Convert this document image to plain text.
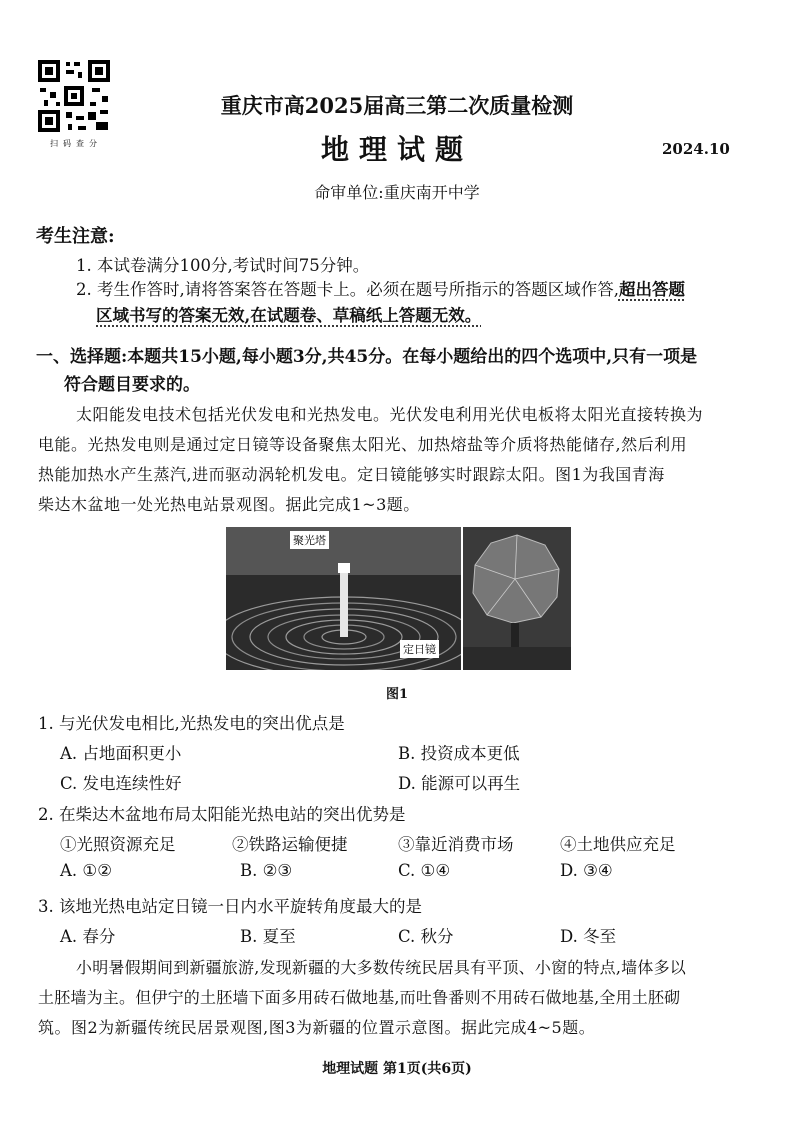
扫码查分
重庆市高2025届高三第二次质量检测
地理试题	2024.10
命审单位:重庆南开中学
考生注意:
1. 本试卷满分100分,考试时间75分钟。
2. 考生作答时,请将答案答在答题卡上。必须在题号所指示的答题区域作答,超出答题
区域书写的答案无效,在试题卷、草稿纸上答题无效。
一、选择题:本题共15小题,每小题3分,共45分。在每小题给出的四个选项中,只有一项是
符合题目要求的。
太阳能发电技术包括光伏发电和光热发电。光伏发电利用光伏电板将太阳光直接转换为
电能。光热发电则是通过定日镜等设备聚焦太阳光、加热熔盐等介质将热能储存,然后利用
热能加热水产生蒸汽,进而驱动涡轮机发电。定日镜能够实时跟踪太阳。图1为我国青海
柴达木盆地一处光热电站景观图。据此完成1~3题。
聚光塔
定日镜
图1
1. 与光伏发电相比,光热发电的突出优点是
A. 占地面积更小	B. 投资成本更低
C. 发电连续性好	D. 能源可以再生
2. 在柴达木盆地布局太阳能光热电站的突出优势是
①光照资源充足	②铁路运输便捷	③靠近消费市场	④土地供应充足
A. ①②	B. ②③	C. ①④	D. ③④
3. 该地光热电站定日镜一日内水平旋转角度最大的是
A. 春分	B. 夏至	C. 秋分	D. 冬至
小明暑假期间到新疆旅游,发现新疆的大多数传统民居具有平顶、小窗的特点,墙体多以
土胚墙为主。但伊宁的土胚墙下面多用砖石做地基,而吐鲁番则不用砖石做地基,全用土胚砌
筑。图2为新疆传统民居景观图,图3为新疆的位置示意图。据此完成4~5题。
地理试题 第1页(共6页)
